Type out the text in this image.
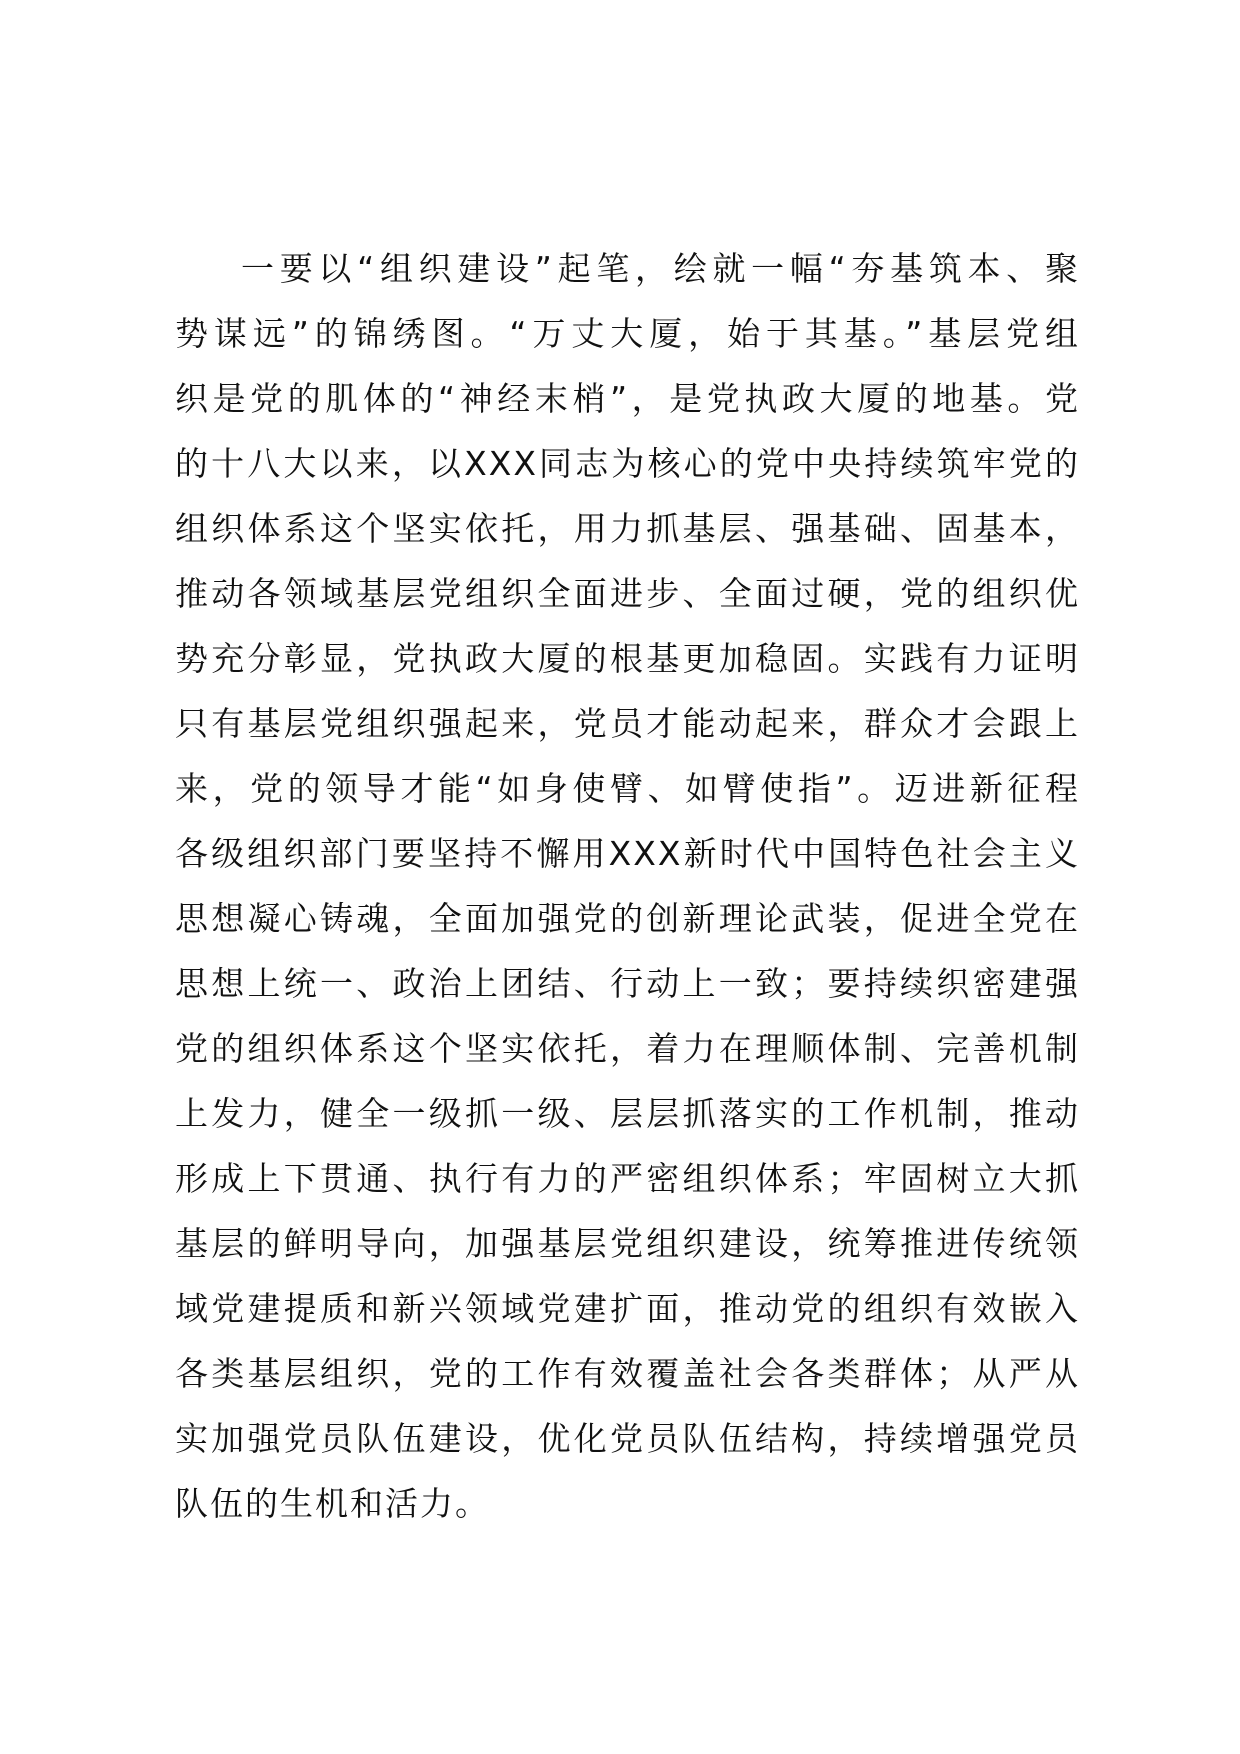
一要以“组织建设”起笔，绘就一幅“夯基筑本、聚
势谋远”的锦绣图。“万丈大厦，始于其基。”基层党组
织是党的肌体的“神经末梢”，是党执政大厦的地基。党
的十八大以来，以XXX同志为核心的党中央持续筑牢党的
组织体系这个坚实依托，用力抓基层、强基础、固基本，
推动各领域基层党组织全面进步、全面过硬，党的组织优
势充分彰显，党执政大厦的根基更加稳固。实践有力证明
只有基层党组织强起来，党员才能动起来，群众才会跟上
来，党的领导才能“如身使臂、如臂使指”。迈进新征程
各级组织部门要坚持不懈用XXX新时代中国特色社会主义
思想凝心铸魂，全面加强党的创新理论武装，促进全党在
思想上统一、政治上团结、行动上一致；要持续织密建强
党的组织体系这个坚实依托，着力在理顺体制、完善机制
上发力，健全一级抓一级、层层抓落实的工作机制，推动
形成上下贯通、执行有力的严密组织体系；牢固树立大抓
基层的鲜明导向，加强基层党组织建设，统筹推进传统领
域党建提质和新兴领域党建扩面，推动党的组织有效嵌入
各类基层组织，党的工作有效覆盖社会各类群体；从严从
实加强党员队伍建设，优化党员队伍结构，持续增强党员
队伍的生机和活力。
